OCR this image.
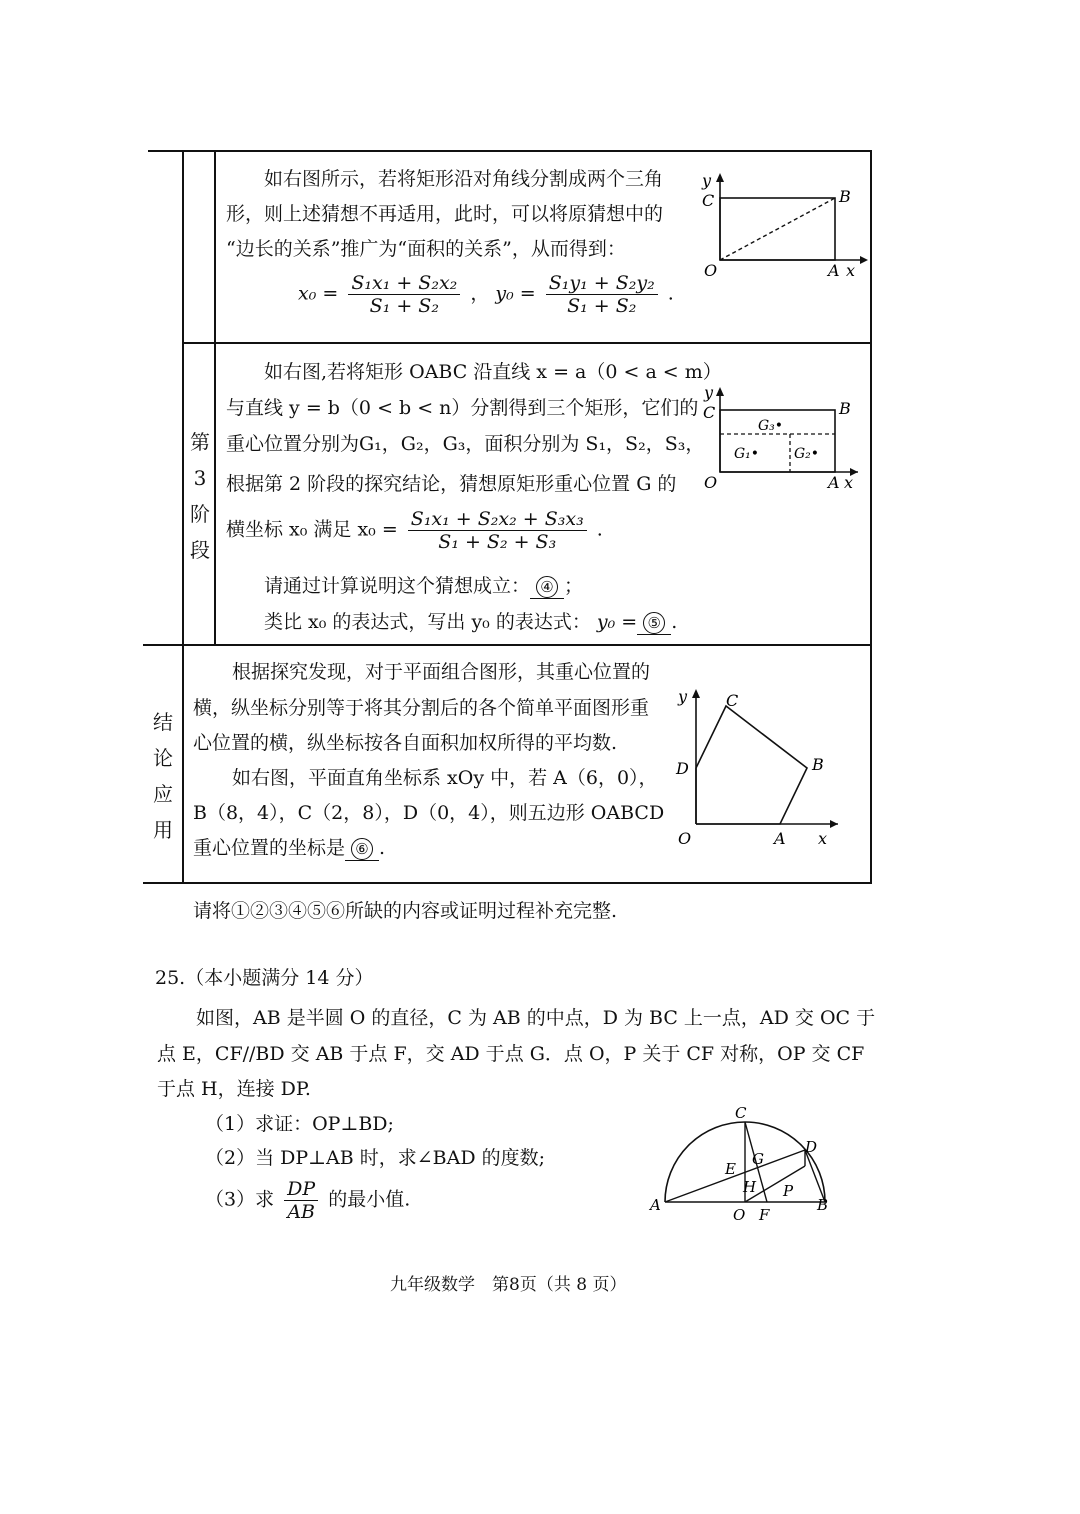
如右图所示，若将矩形沿对角线分割成两个三角
形，则上述猜想不再适用，此时，可以将原猜想中的
“边长的关系”推广为“面积的关系”，从而得到：
$x_0 = \frac{\text{S₁x₁ + S₂x₂}}{\text{S₁ + S₂}}$ ， $y_0 = \frac{\text{S₁y₁ + S₂y₂}}{\text{S₁ + S₂}}$ .
y
C	B
O	A x
第
3
阶
段
如右图,若将矩形 OABC 沿直线 x = a（0 < a < m）
与直线 y = b（0 < b < n）分割得到三个矩形，它们的
重心位置分别为G₁，G₂，G₃，面积分别为 S₁，S₂，S₃，
根据第 2 阶段的探究结论，猜想原矩形重心位置 G 的
横坐标 x₀ 满足 $x_0 = \frac{\text{S₁x₁ + S₂x₂ + S₃x₃}}{\text{S₁ + S₂ + S₃}}$ .
请通过计算说明这个猜想成立： ④ ；
类比 x₀ 的表达式，写出 y₀ 的表达式： y₀ = ⑤ .
G₃•
G₁• G₂•
y
C	B
O	A x
结
论
应
用
根据探究发现，对于平面组合图形，其重心位置的
横，纵坐标分别等于将其分割后的各个简单平面图形重
心位置的横，纵坐标按各自面积加权所得的平均数.
如右图，平面直角坐标系 xOy 中，若 A（6，0），
B（8，4），C（2，8），D（0，4），则五边形 OABCD
重心位置的坐标是 ⑥ .
y C
B
D
O	A x
请将①②③④⑤⑥所缺的内容或证明过程补充完整.
25.（本小题满分 14 分）
如图，AB 是半圆 O 的直径，C 为 AB 的中点，D 为 BC 上一点，AD 交 OC 于
点 E，CF//BD 交 AB 于点 F，交 AD 于点 G．点 O，P 关于 CF 对称，OP 交 CF
于点 H，连接 DP.
（1）求证：OP⊥BD;
（2）当 DP⊥AB 时，求∠BAD 的度数;
（3）求 $\frac{DP}{AB}$ 的最小值.
C
D
E
G
H P
A	B
O F
九年级数学　第8页（共 8 页）
